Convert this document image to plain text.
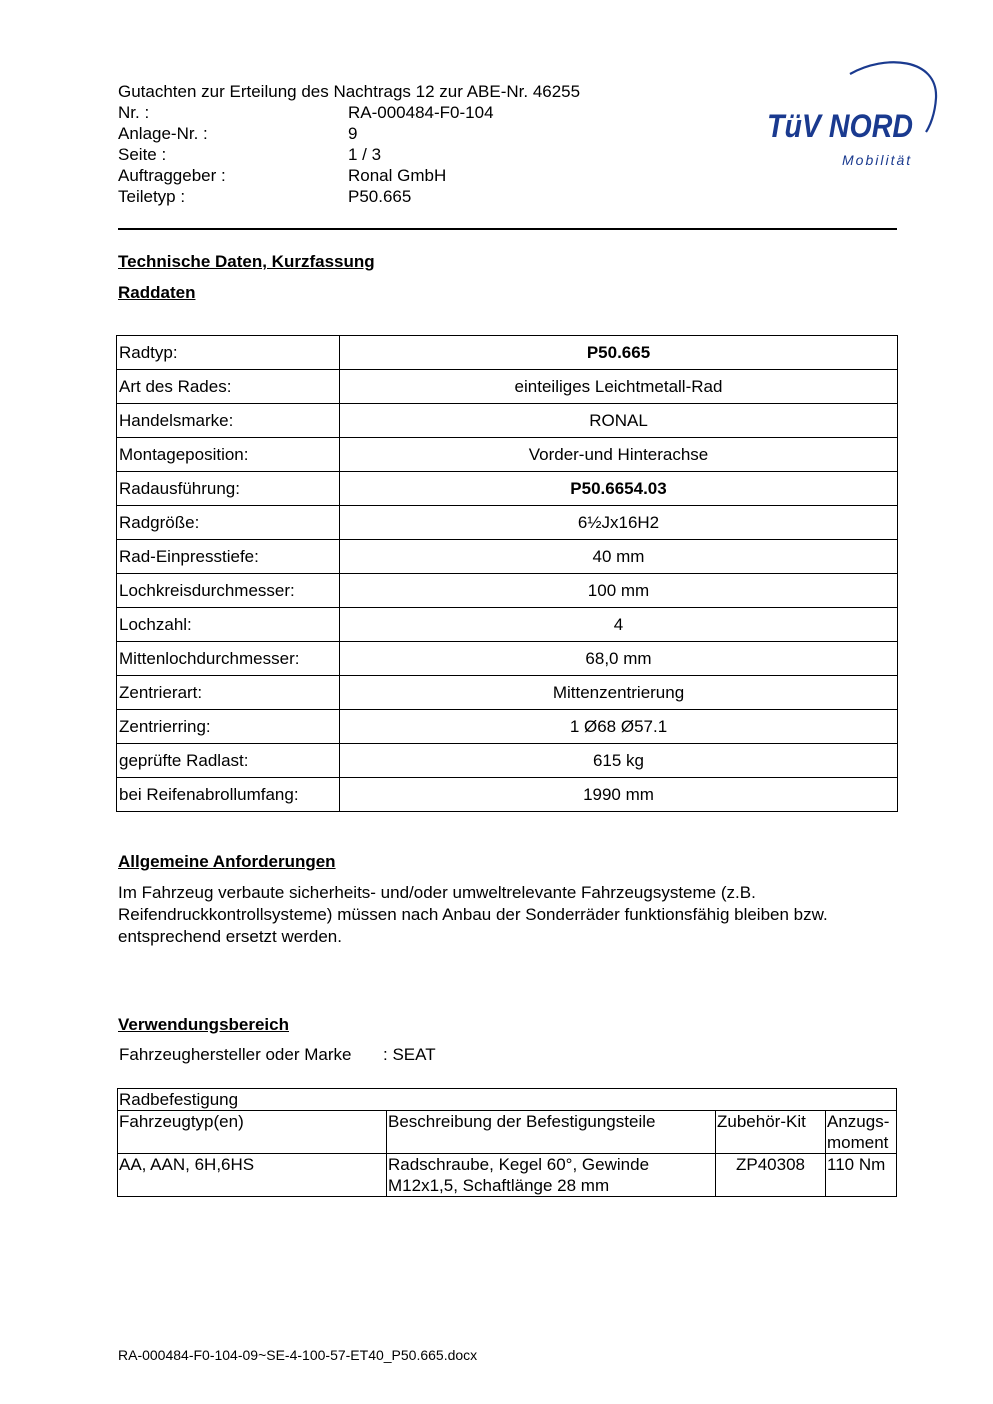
Gutachten zur Erteilung des Nachtrags 12 zur ABE-Nr. 46255
Nr. :	RA-000484-F0-104
Anlage-Nr. :	9
Seite :	1 / 3
Auftraggeber :	Ronal GmbH
Teiletyp :	P50.665
TüV NORD
Mobilität
Technische Daten, Kurzfassung
Raddaten
Radtyp:	P50.665
Art des Rades:	einteiliges Leichtmetall-Rad
Handelsmarke:	RONAL
Montageposition:	Vorder-und Hinterachse
Radausführung:	P50.6654.03
Radgröße:	6½Jx16H2
Rad-Einpresstiefe:	40 mm
Lochkreisdurchmesser:	100 mm
Lochzahl:	4
Mittenlochdurchmesser:	68,0 mm
Zentrierart:	Mittenzentrierung
Zentrierring:	1 Ø68 Ø57.1
geprüfte Radlast:	615 kg
bei Reifenabrollumfang:	1990 mm
Allgemeine Anforderungen
Im Fahrzeug verbaute sicherheits- und/oder umweltrelevante Fahrzeugsysteme (z.B. Reifendruckkontrollsysteme) müssen nach Anbau der Sonderräder funktionsfähig bleiben bzw. entsprechend ersetzt werden.
Verwendungsbereich
Fahrzeughersteller oder Marke : SEAT
Radbefestigung			
Fahrzeugtyp(en)	Beschreibung der Befestigungsteile	Zubehör-Kit	Anzugs-
moment
AA, AAN, 6H,6HS	Radschraube, Kegel 60°, Gewinde M12x1,5, Schaftlänge 28 mm	ZP40308	110 Nm
RA-000484-F0-104-09~SE-4-100-57-ET40_P50.665.docx
